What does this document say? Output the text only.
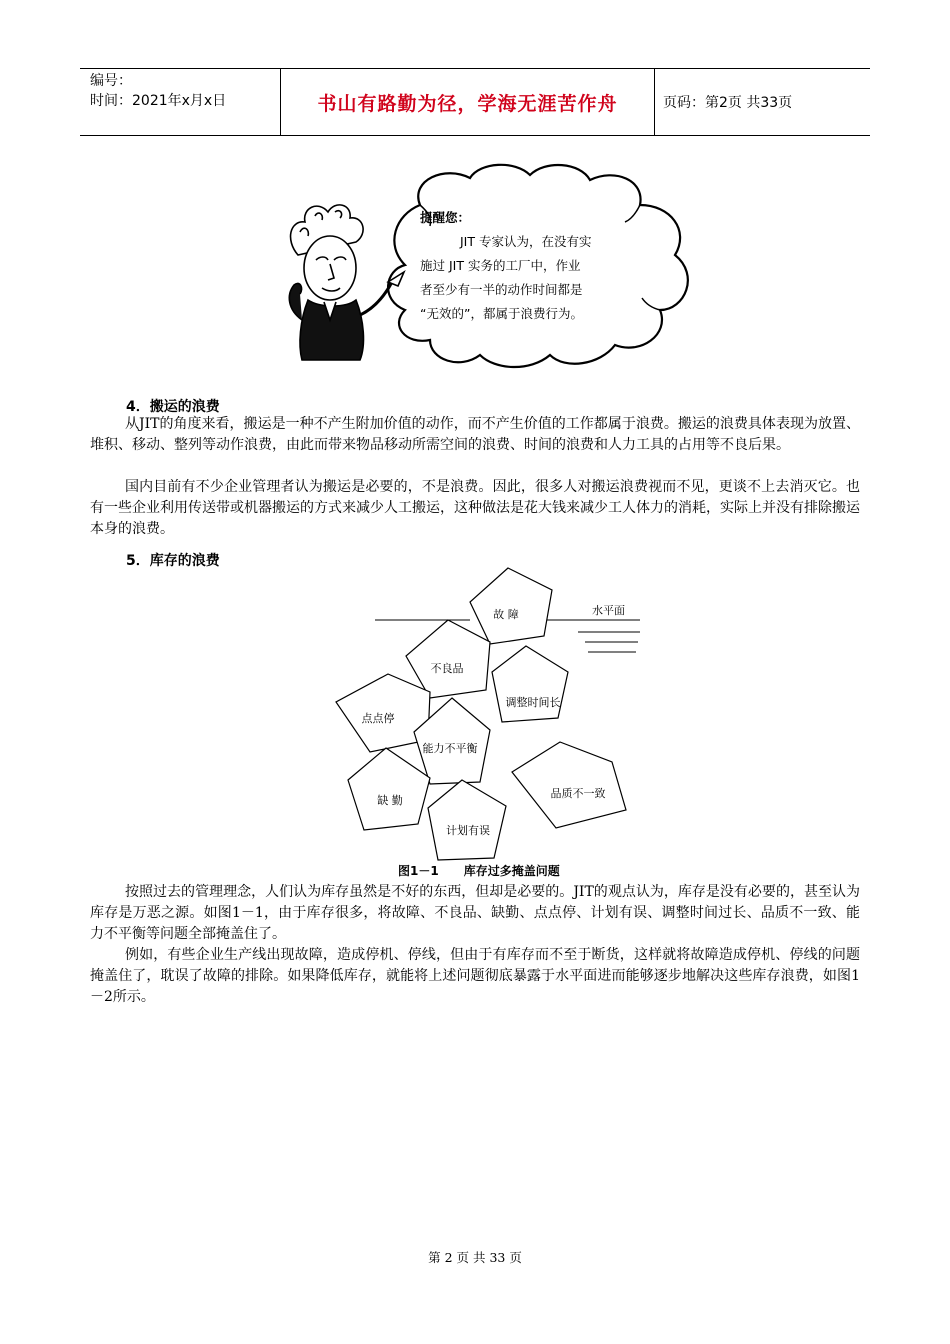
编号：
时间：2021年x月x日	书山有路勤为径，学海无涯苦作舟	页码：第2页 共33页
提醒您：
JIT 专家认为，在没有实
施过 JIT 实务的工厂中，作业
者至少有一半的动作时间都是
“无效的”，都属于浪费行为。
4．搬运的浪费

从JIT的角度来看，搬运是一种不产生附加价值的动作，而不产生价值的工作都属于浪费。搬运的浪费具体表现为放置、堆积、移动、整列等动作浪费，由此而带来物品移动所需空间的浪费、时间的浪费和人力工具的占用等不良后果。

国内目前有不少企业管理者认为搬运是必要的，不是浪费。因此，很多人对搬运浪费视而不见，更谈不上去消灭它。也有一些企业利用传送带或机器搬运的方式来减少人工搬运，这种做法是花大钱来减少工人体力的消耗，实际上并没有排除搬运本身的浪费。

5．库存的浪费
水平面
故 障
不良品
调整时间长
点点停
能力不平衡
缺 勤
计划有误
品质不一致
图1－1      库存过多掩盖问题

按照过去的管理理念，人们认为库存虽然是不好的东西，但却是必要的。JIT的观点认为，库存是没有必要的，甚至认为库存是万恶之源。如图1－1，由于库存很多，将故障、不良品、缺勤、点点停、计划有误、调整时间过长、品质不一致、能力不平衡等问题全部掩盖住了。

例如，有些企业生产线出现故障，造成停机、停线，但由于有库存而不至于断货，这样就将故障造成停机、停线的问题掩盖住了，耽误了故障的排除。如果降低库存，就能将上述问题彻底暴露于水平面进而能够逐步地解决这些库存浪费，如图1－2所示。

第 2 页 共 33 页
